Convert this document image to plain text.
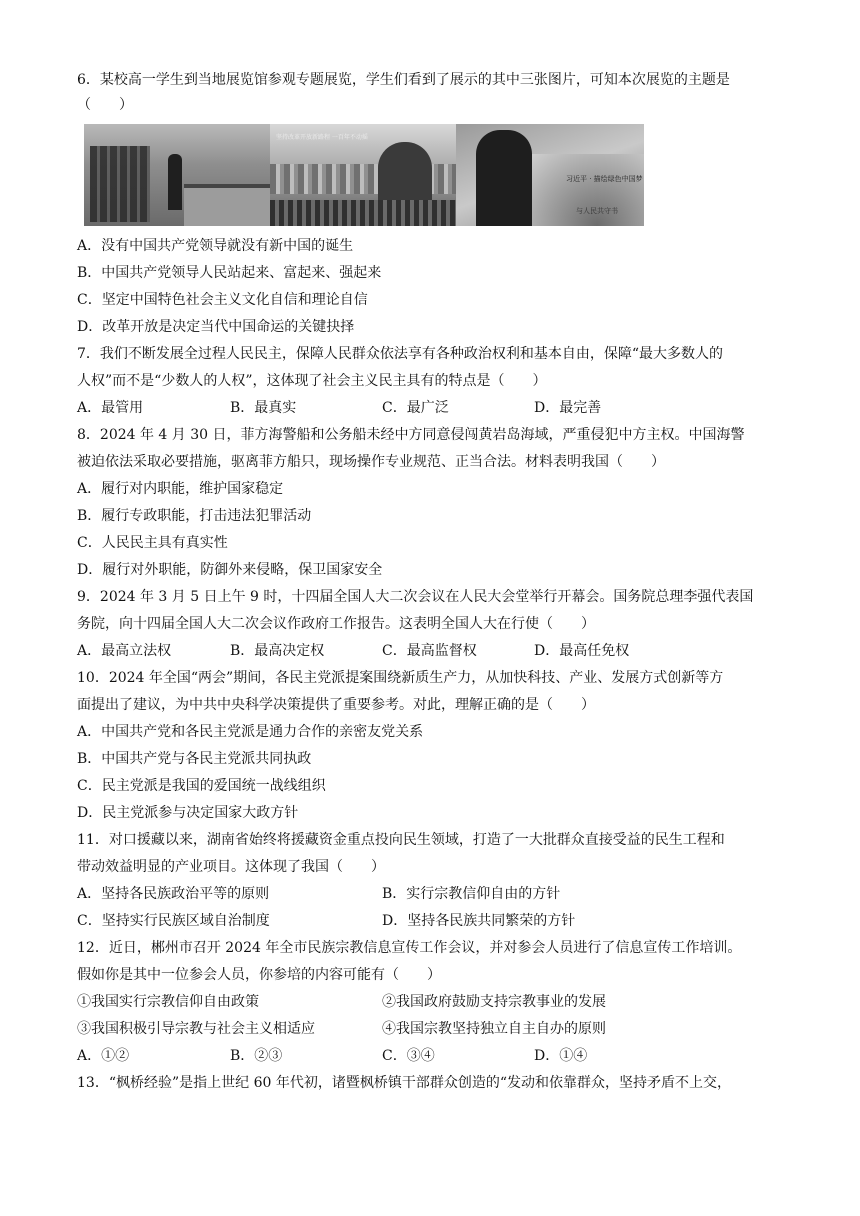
6．某校高一学生到当地展览馆参观专题展览，学生们看到了展示的其中三张图片，可知本次展览的主题是
（　　）
坚持改革开放新路程 一百年不动摇
习近平 · 描绘绿色中国梦
与人民共守书
A．没有中国共产党领导就没有新中国的诞生
B．中国共产党领导人民站起来、富起来、强起来
C．坚定中国特色社会主义文化自信和理论自信
D．改革开放是决定当代中国命运的关键抉择
7．我们不断发展全过程人民民主，保障人民群众依法享有各种政治权利和基本自由，保障“最大多数人的
人权”而不是“少数人的人权”，这体现了社会主义民主具有的特点是（　　）
A．最管用	B．最真实	C．最广泛	D．最完善
8．2024 年 4 月 30 日，菲方海警船和公务船未经中方同意侵闯黄岩岛海域，严重侵犯中方主权。中国海警
被迫依法采取必要措施，驱离菲方船只，现场操作专业规范、正当合法。材料表明我国（　　）
A．履行对内职能，维护国家稳定
B．履行专政职能，打击违法犯罪活动
C．人民民主具有真实性
D．履行对外职能，防御外来侵略，保卫国家安全
9．2024 年 3 月 5 日上午 9 时，十四届全国人大二次会议在人民大会堂举行开幕会。国务院总理李强代表国
务院，向十四届全国人大二次会议作政府工作报告。这表明全国人大在行使（　　）
A．最高立法权	B．最高决定权	C．最高监督权	D．最高任免权
10．2024 年全国“两会”期间，各民主党派提案围绕新质生产力，从加快科技、产业、发展方式创新等方
面提出了建议，为中共中央科学决策提供了重要参考。对此，理解正确的是（　　）
A．中国共产党和各民主党派是通力合作的亲密友党关系
B．中国共产党与各民主党派共同执政
C．民主党派是我国的爱国统一战线组织
D．民主党派参与决定国家大政方针
11．对口援藏以来，湖南省始终将援藏资金重点投向民生领域，打造了一大批群众直接受益的民生工程和
带动效益明显的产业项目。这体现了我国（　　）
A．坚持各民族政治平等的原则	B．实行宗教信仰自由的方针
C．坚持实行民族区域自治制度	D．坚持各民族共同繁荣的方针
12．近日，郴州市召开 2024 年全市民族宗教信息宣传工作会议，并对参会人员进行了信息宣传工作培训。
假如你是其中一位参会人员，你参培的内容可能有（　　）
①我国实行宗教信仰自由政策	②我国政府鼓励支持宗教事业的发展
③我国积极引导宗教与社会主义相适应	④我国宗教坚持独立自主自办的原则
A．①②	B．②③	C．③④	D．①④
13．“枫桥经验”是指上世纪 60 年代初，诸暨枫桥镇干部群众创造的“发动和依靠群众，坚持矛盾不上交，
